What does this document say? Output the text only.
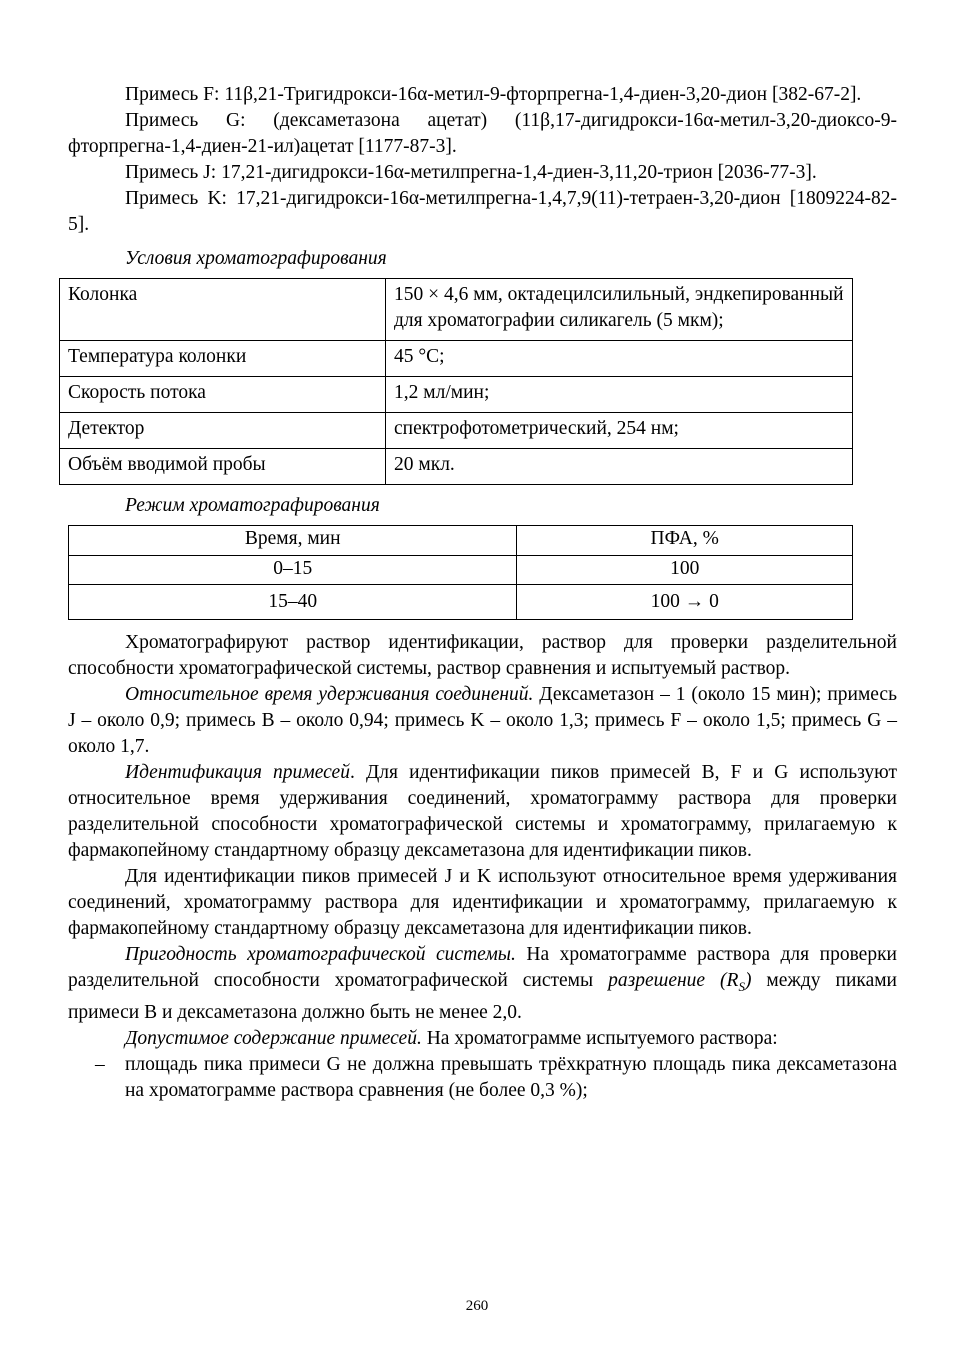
Примесь F: 11β,21-Тригидрокси-16α-метил-9-фторпрегна-1,4-диен-3,20-дион [382-67-2].

Примесь G: (дексаметазона ацетат) (11β,17-дигидрокси-16α-метил-3,20-диоксо-9-фторпрегна-1,4-диен-21-ил)ацетат [1177-87-3].

Примесь J: 17,21-дигидрокси-16α-метилпрегна-1,4-диен-3,11,20-трион [2036-77-3].

Примесь K: 17,21-дигидрокси-16α-метилпрегна-1,4,7,9(11)-тетраен-3,20-дион [1809224-82-5].

Условия хроматографирования
Колонка	150 × 4,6 мм, октадецилсилильный, эндкепированный для хроматографии силикагель (5 мкм);
Температура колонки	45 °C;
Скорость потока	1,2 мл/мин;
Детектор	спектрофотометрический, 254 нм;
Объём вводимой пробы	20 мкл.
Режим хроматографирования
Время, мин	ПФА, %
0–15	100
15–40	100 → 0

Хроматографируют раствор идентификации, раствор для проверки разделительной способности хроматографической системы, раствор сравнения и испытуемый раствор.

Относительное время удерживания соединений. Дексаметазон – 1 (около 15 мин); примесь J – около 0,9; примесь B – около 0,94; примесь K – около 1,3; примесь F – около 1,5; примесь G – около 1,7.

Идентификация примесей. Для идентификации пиков примесей B, F и G используют относительное время удерживания соединений, хроматограмму раствора для проверки разделительной способности хроматографической системы и хроматограмму, прилагаемую к фармакопейному стандартному образцу дексаметазона для идентификации пиков.

Для идентификации пиков примесей J и K используют относительное время удерживания соединений, хроматограмму раствора для идентификации и хроматограмму, прилагаемую к фармакопейному стандартному образцу дексаметазона для идентификации пиков.

Пригодность хроматографической системы. На хроматограмме раствора для проверки разделительной способности хроматографической системы разрешение $(R_S)$ между пиками примеси B и дексаметазона должно быть не менее 2,0.

Допустимое содержание примесей. На хроматограмме испытуемого раствора:

– площадь пика примеси G не должна превышать трёхкратную площадь пика дексаметазона на хроматограмме раствора сравнения (не более 0,3 %);

260
